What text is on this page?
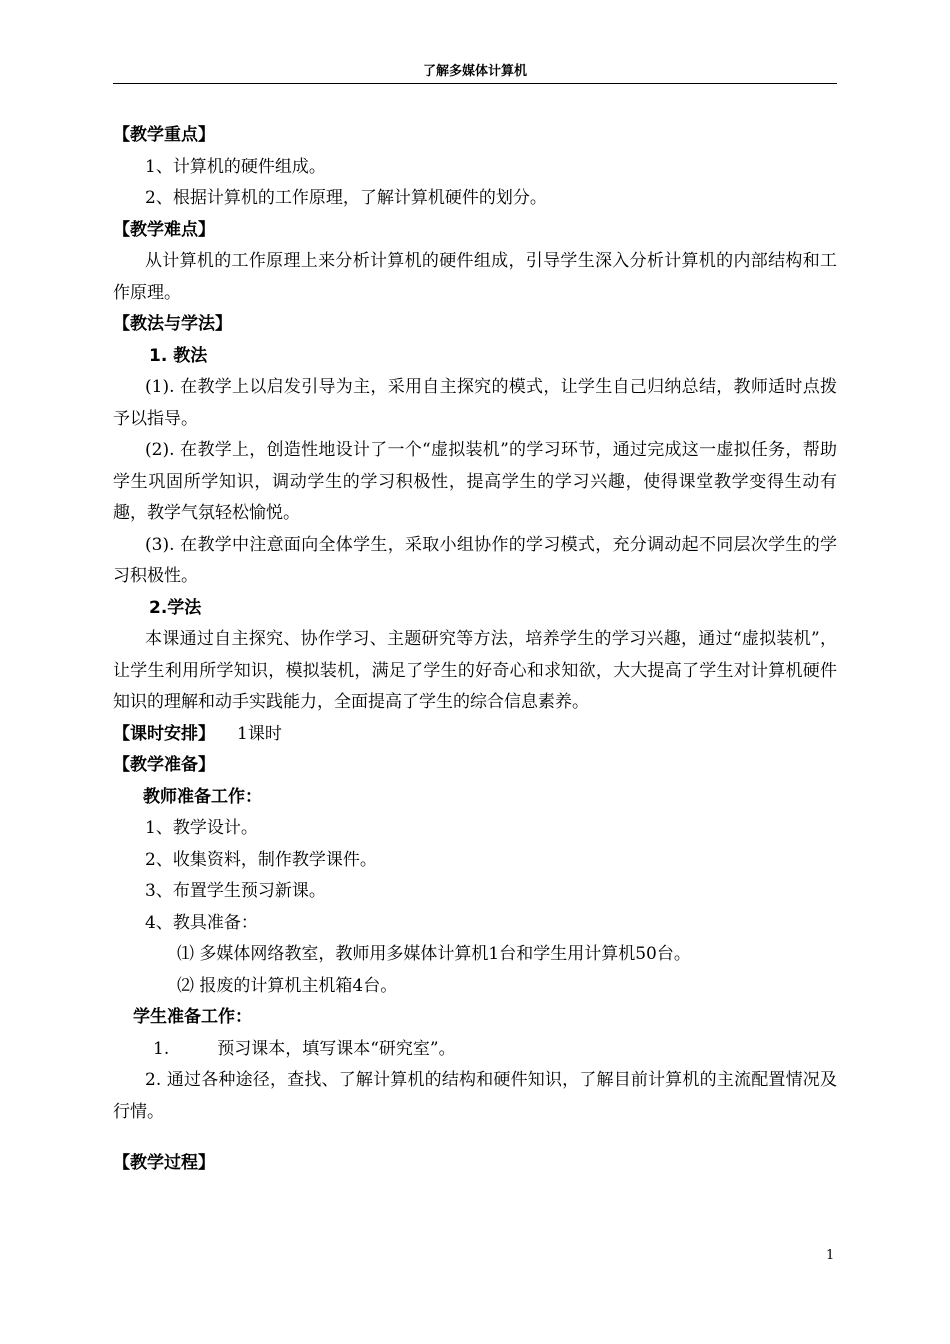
了解多媒体计算机

【教学重点】

1、计算机的硬件组成。

2、根据计算机的工作原理，了解计算机硬件的划分。

【教学难点】

从计算机的工作原理上来分析计算机的硬件组成，引导学生深入分析计算机的内部结构和工作原理。

【教法与学法】

1. 教法

(1). 在教学上以启发引导为主，采用自主探究的模式，让学生自己归纳总结，教师适时点拨予以指导。

(2). 在教学上，创造性地设计了一个“虚拟装机”的学习环节，通过完成这一虚拟任务，帮助学生巩固所学知识，调动学生的学习积极性，提高学生的学习兴趣，使得课堂教学变得生动有趣，教学气氛轻松愉悦。

(3). 在教学中注意面向全体学生，采取小组协作的学习模式，充分调动起不同层次学生的学习积极性。

2.学法

本课通过自主探究、协作学习、主题研究等方法，培养学生的学习兴趣，通过“虚拟装机”，让学生利用所学知识，模拟装机，满足了学生的好奇心和求知欲，大大提高了学生对计算机硬件知识的理解和动手实践能力，全面提高了学生的综合信息素养。

【课时安排】 1课时

【教学准备】

教师准备工作：

1、教学设计。

2、收集资料，制作教学课件。

3、布置学生预习新课。

4、教具准备：

⑴ 多媒体网络教室，教师用多媒体计算机1台和学生用计算机50台。

⑵ 报废的计算机主机箱4台。

学生准备工作：

1.	预习课本，填写课本“研究室”。

2. 通过各种途径，查找、了解计算机的结构和硬件知识，了解目前计算机的主流配置情况及行情。

【教学过程】

1
